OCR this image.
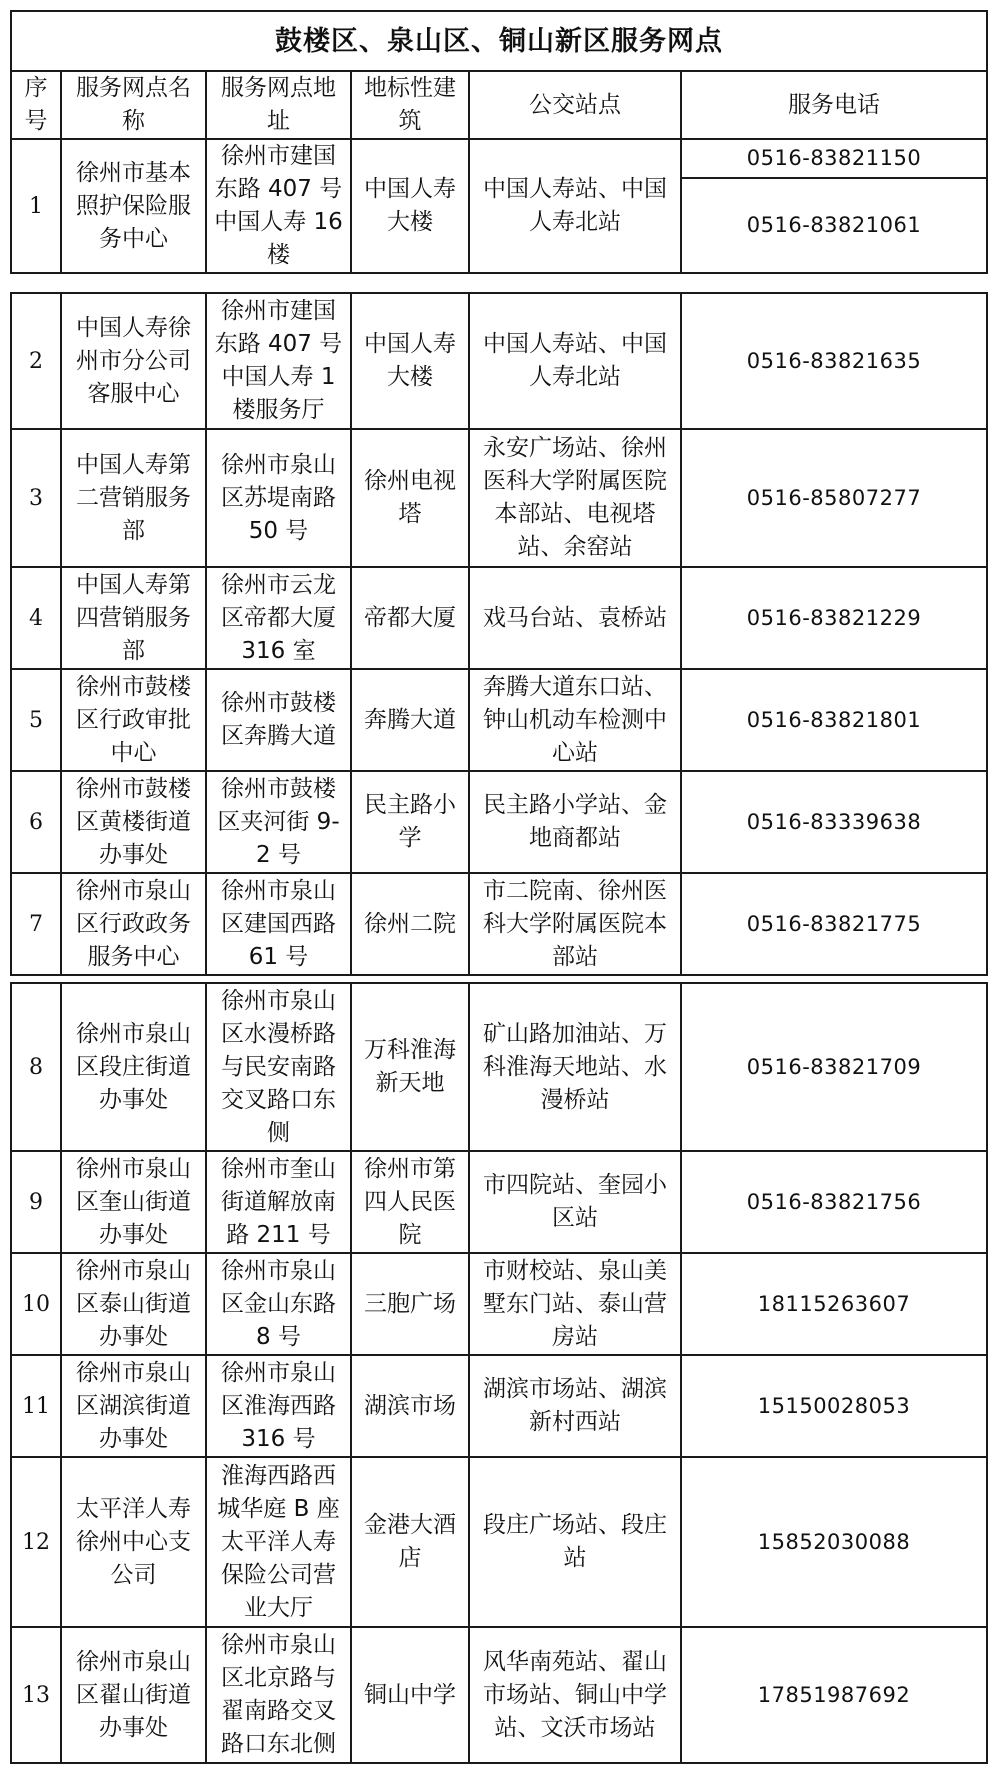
鼓楼区、泉山区、铜山新区服务网点					
序号	服务网点名称	服务网点地址	地标性建筑	公交站点	服务电话
1	徐州市基本照护保险服务中心	徐州市建国东路 407 号中国人寿 16 楼	中国人寿大楼	中国人寿站、中国人寿北站	0516-83821150
					0516-83821061
2	中国人寿徐州市分公司客服中心	徐州市建国东路 407 号中国人寿 1 楼服务厅	中国人寿大楼	中国人寿站、中国人寿北站	0516-83821635
3	中国人寿第二营销服务部	徐州市泉山区苏堤南路 50 号	徐州电视塔	永安广场站、徐州医科大学附属医院本部站、电视塔站、余窑站	0516-85807277
4	中国人寿第四营销服务部	徐州市云龙区帝都大厦 316 室	帝都大厦	戏马台站、袁桥站	0516-83821229
5	徐州市鼓楼区行政审批中心	徐州市鼓楼区奔腾大道	奔腾大道	奔腾大道东口站、钟山机动车检测中心站	0516-83821801
6	徐州市鼓楼区黄楼街道办事处	徐州市鼓楼区夹河街 9-2 号	民主路小学	民主路小学站、金地商都站	0516-83339638
7	徐州市泉山区行政政务服务中心	徐州市泉山区建国西路 61 号	徐州二院	市二院南、徐州医科大学附属医院本部站	0516-83821775
8	徐州市泉山区段庄街道办事处	徐州市泉山区水漫桥路与民安南路交叉路口东侧	万科淮海新天地	矿山路加油站、万科淮海天地站、水漫桥站	0516-83821709
9	徐州市泉山区奎山街道办事处	徐州市奎山街道解放南路 211 号	徐州市第四人民医院	市四院站、奎园小区站	0516-83821756
10	徐州市泉山区泰山街道办事处	徐州市泉山区金山东路 8 号	三胞广场	市财校站、泉山美墅东门站、泰山营房站	18115263607
11	徐州市泉山区湖滨街道办事处	徐州市泉山区淮海西路 316 号	湖滨市场	湖滨市场站、湖滨新村西站	15150028053
12	太平洋人寿徐州中心支公司	淮海西路西城华庭 B 座太平洋人寿保险公司营业大厅	金港大酒店	段庄广场站、段庄站	15852030088
13	徐州市泉山区翟山街道办事处	徐州市泉山区北京路与翟南路交叉路口东北侧	铜山中学	风华南苑站、翟山市场站、铜山中学站、文沃市场站	17851987692
